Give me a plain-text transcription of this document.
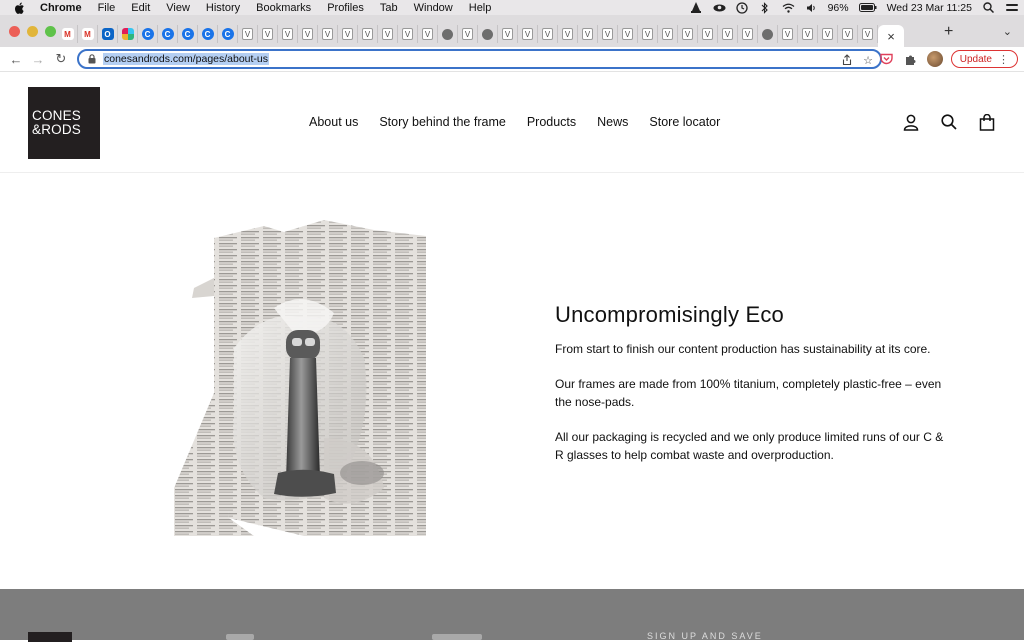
Chrome File Edit View History Bookmarks Profiles Tab Window Help	96%	Wed 23 Mar 11:25
M	M	O	C	C	C	C	C	V	V	V	V	V	V	V	V	V	V	V	V	V	V	V	V	V	V	V	V	V	V	V	V	V	V	V	V	V ×	+	⌄
← → ↻	conesandrods.com/pages/about-us	☆	Update ⋮
CONES
&RODS	About us Story behind the frame Products News Store locator
Uncompromisingly Eco

From start to finish our content production has sustainability at its core.

Our frames are made from 100% titanium, completely plastic-free – even the nose-pads.

All our packaging is recycled and we only produce limited runs of our C & R glasses to help combat waste and overproduction.

SIGN UP AND SAVE
